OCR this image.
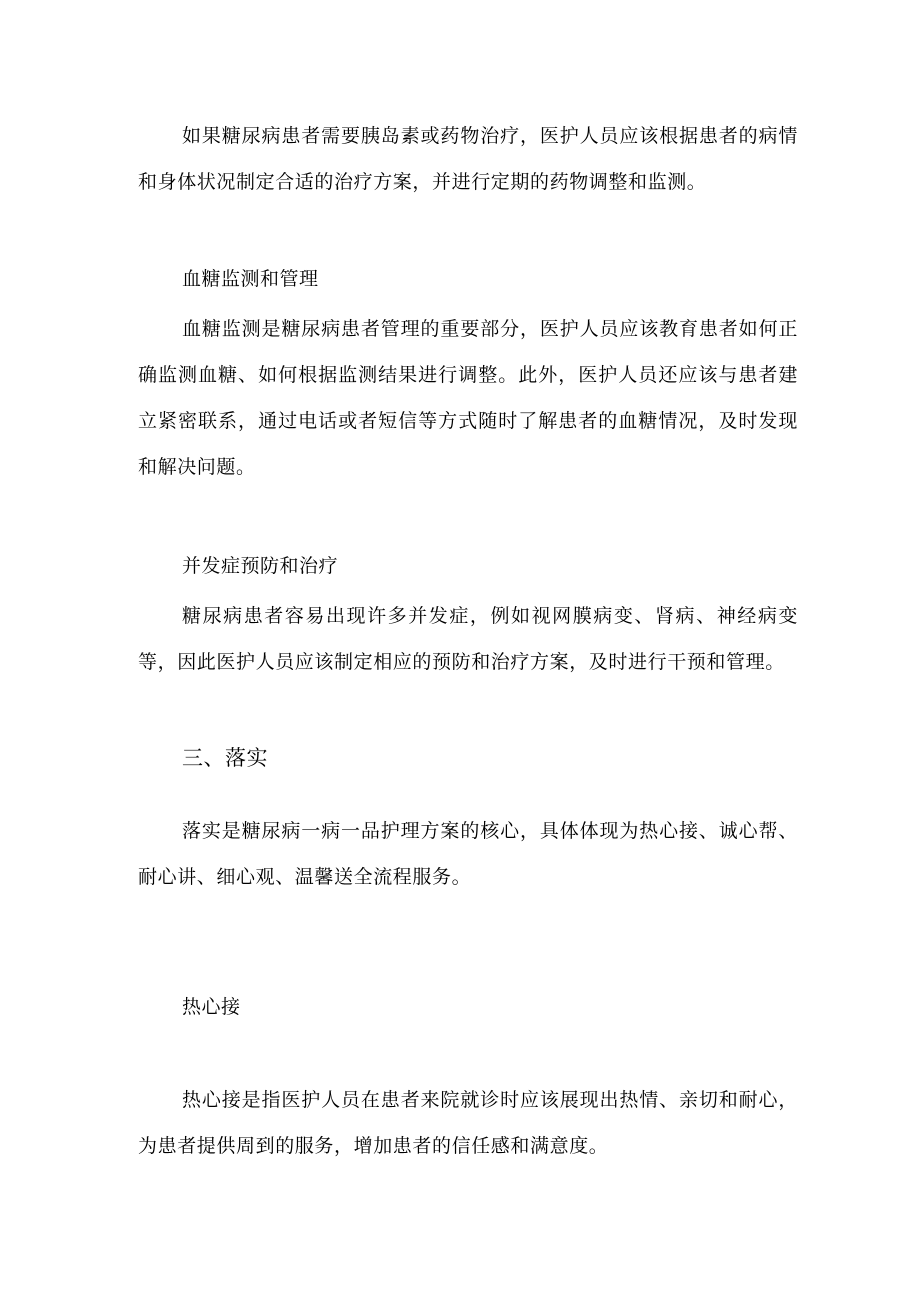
如果糖尿病患者需要胰岛素或药物治疗，医护人员应该根据患者的病情和身体状况制定合适的治疗方案，并进行定期的药物调整和监测。

血糖监测和管理

血糖监测是糖尿病患者管理的重要部分，医护人员应该教育患者如何正确监测血糖、如何根据监测结果进行调整。此外，医护人员还应该与患者建立紧密联系，通过电话或者短信等方式随时了解患者的血糖情况，及时发现和解决问题。

并发症预防和治疗

糖尿病患者容易出现许多并发症，例如视网膜病变、肾病、神经病变等，因此医护人员应该制定相应的预防和治疗方案，及时进行干预和管理。

三、落实

落实是糖尿病一病一品护理方案的核心，具体体现为热心接、诚心帮、耐心讲、细心观、温馨送全流程服务。

热心接

热心接是指医护人员在患者来院就诊时应该展现出热情、亲切和耐心，为患者提供周到的服务，增加患者的信任感和满意度。
